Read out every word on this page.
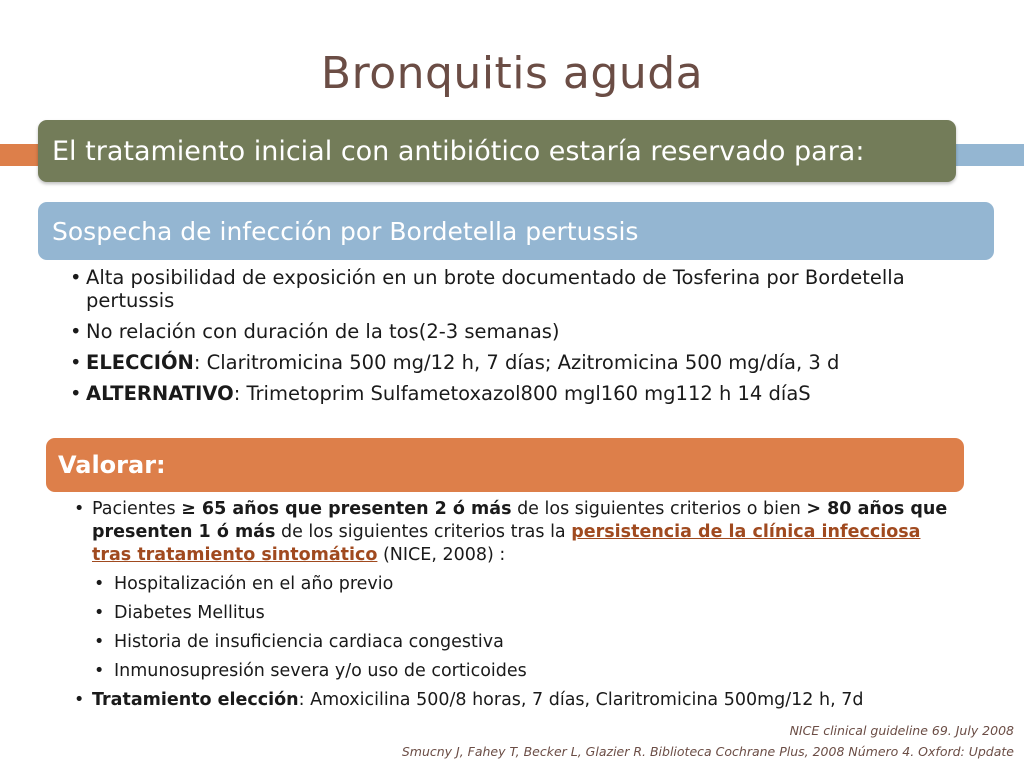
Bronquitis aguda
El tratamiento inicial con antibiótico estaría reservado para:
Sospecha de infección por Bordetella pertussis
• Alta posibilidad de exposición en un brote documentado de Tosferina por Bordetella pertussis
• No relación con duración de la tos(2-3 semanas)
• ELECCIÓN: Claritromicina 500 mg/12 h, 7 días; Azitromicina 500 mg/día, 3 d
• ALTERNATIVO: Trimetoprim Sulfametoxazol800 mgl160 mg112 h 14 díaS
Valorar:
• Pacientes ≥ 65 años que presenten 2 ó más de los siguientes criterios o bien > 80 años que presenten 1 ó más de los siguientes criterios tras la persistencia de la clínica infecciosa tras tratamiento sintomático (NICE, 2008) :
• Hospitalización en el año previo
• Diabetes Mellitus
• Historia de insuficiencia cardiaca congestiva
• Inmunosupresión severa y/o uso de corticoides
• Tratamiento elección: Amoxicilina 500/8 horas, 7 días, Claritromicina 500mg/12 h, 7d
NICE clinical guideline 69. July 2008
Smucny J, Fahey T, Becker L, Glazier R. Biblioteca Cochrane Plus, 2008 Número 4. Oxford: Update
